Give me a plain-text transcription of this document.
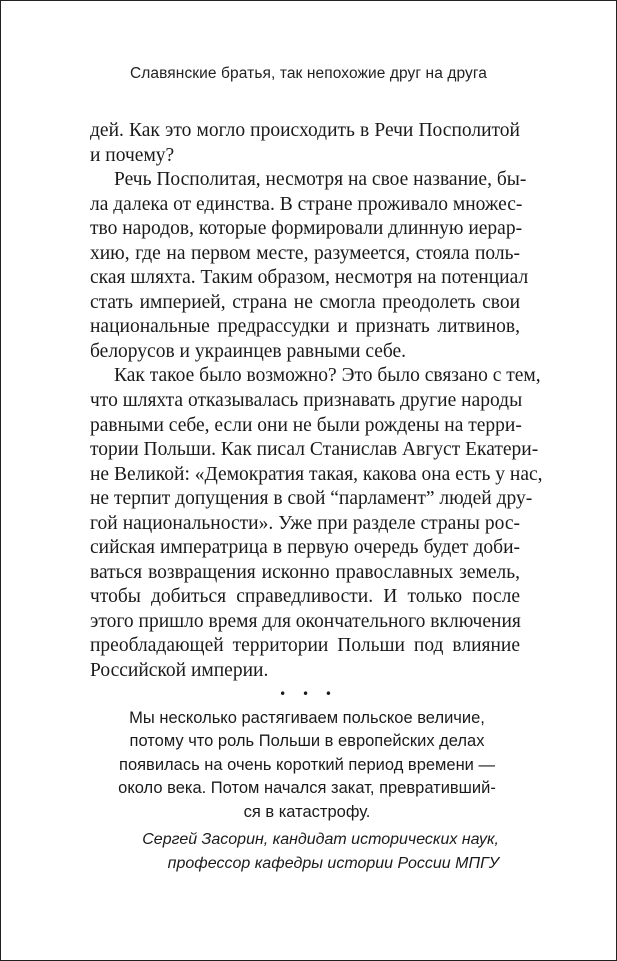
Славянские братья, так непохожие друг на друга
дей. Как это могло происходить в Речи Посполитой
и почему?
Речь Посполитая, несмотря на свое название, бы-
ла далека от единства. В стране проживало множес-
тво народов, которые формировали длинную иерар-
хию, где на первом месте, разумеется, стояла поль-
ская шляхта. Таким образом, несмотря на потенциал
стать империей, страна не смогла преодолеть свои
национальные предрассудки и признать литвинов,
белорусов и украинцев равными себе.
Как такое было возможно? Это было связано с тем,
что шляхта отказывалась признавать другие народы
равными себе, если они не были рождены на терри-
тории Польши. Как писал Станислав Август Екатери-
не Великой: «Демократия такая, какова она есть у нас,
не терпит допущения в свой “парламент” людей дру-
гой национальности». Уже при разделе страны рос-
сийская императрица в первую очередь будет доби-
ваться возвращения исконно православных земель,
чтобы добиться справедливости. И только после
этого пришло время для окончательного включения
преобладающей территории Польши под влияние
Российской империи.
• • •
Мы несколько растягиваем польское величие,
потому что роль Польши в европейских делах
появилась на очень короткий период времени —
около века. Потом начался закат, превративший-
ся в катастрофу.
Сергей Засорин, кандидат исторических наук,
профессор кафедры истории России МПГУ
